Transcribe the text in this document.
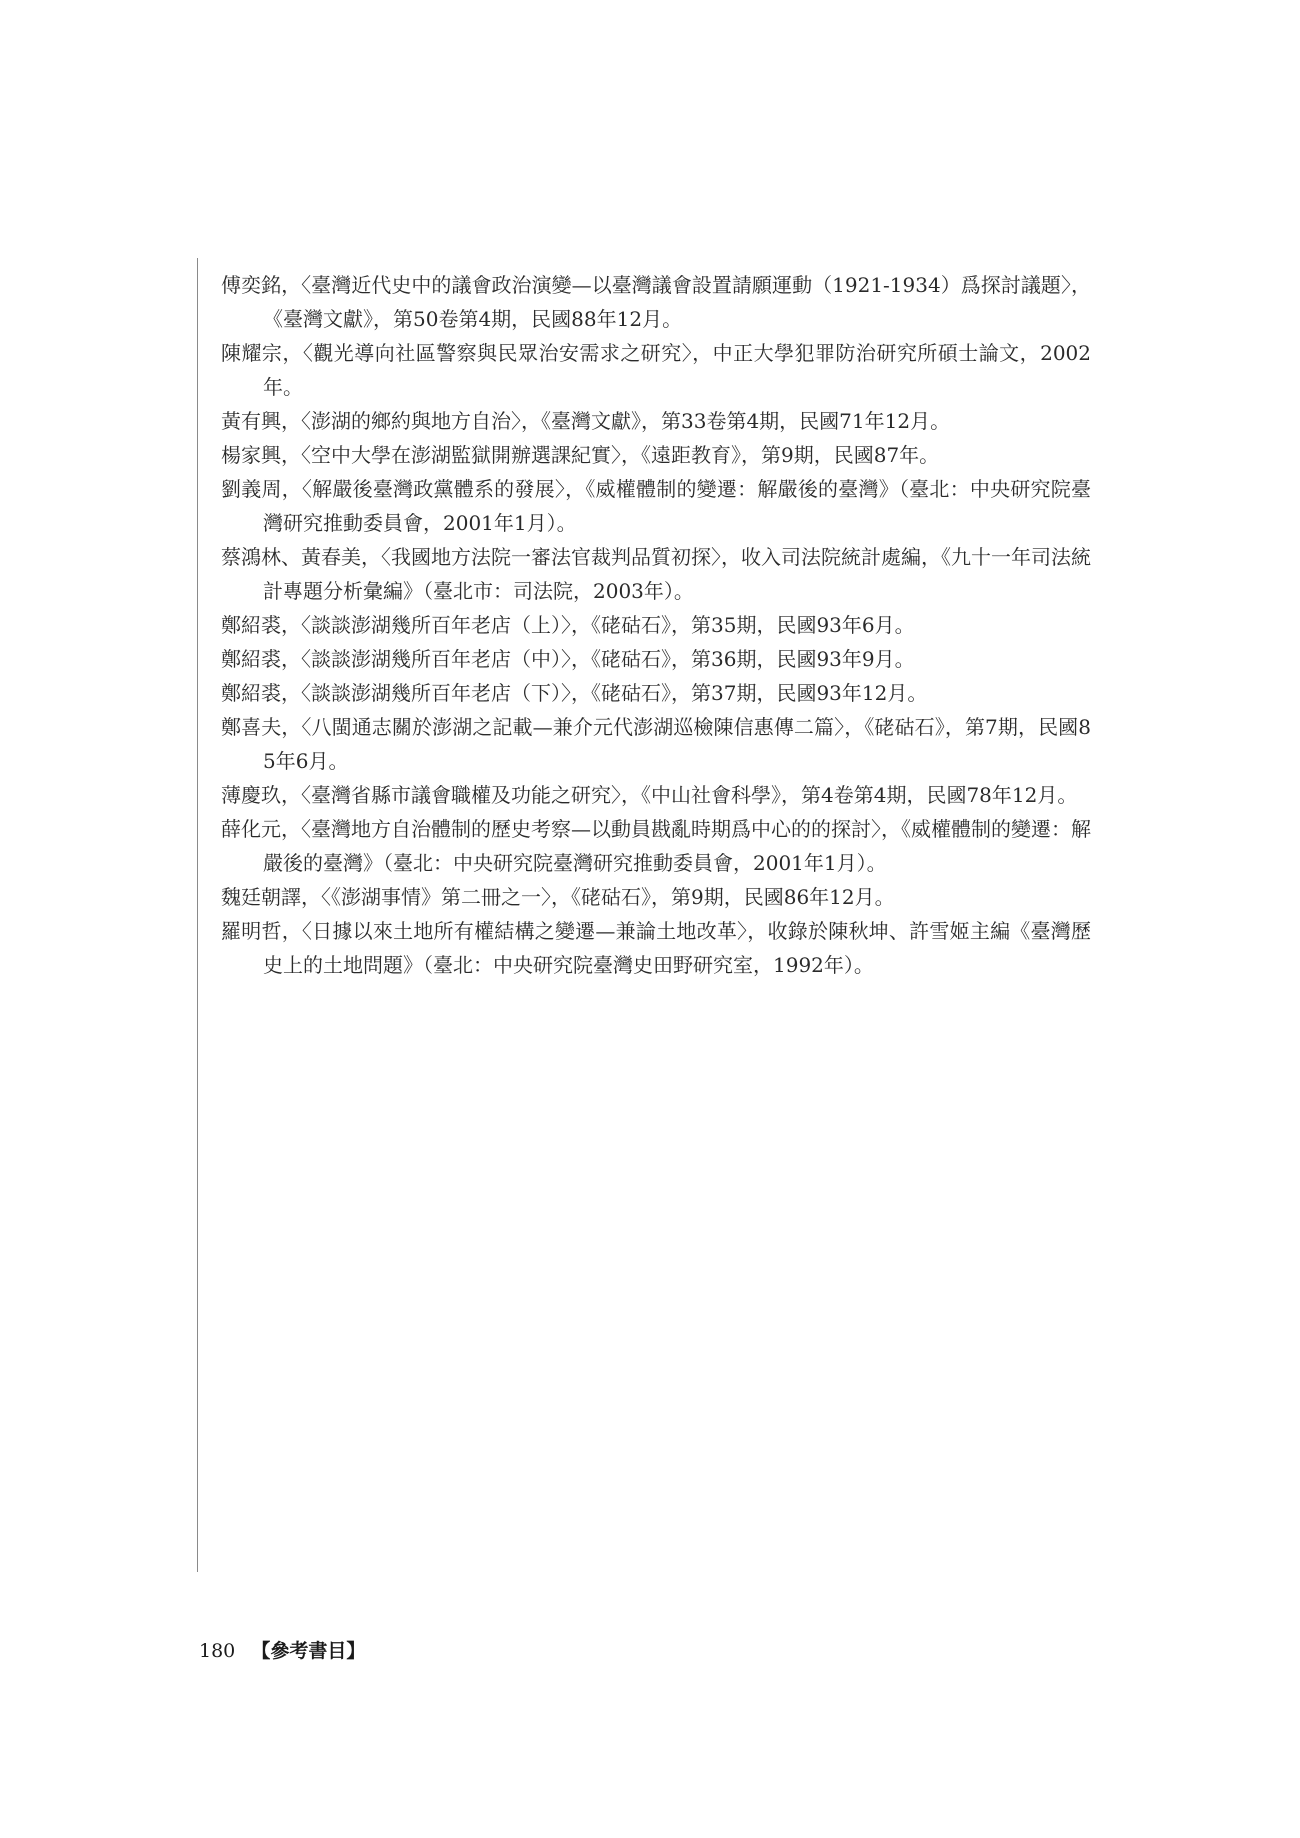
傅奕銘，〈臺灣近代史中的議會政治演變—以臺灣議會設置請願運動（1921-1934）爲探討議題〉，《臺灣文獻》，第50卷第4期，民國88年12月。

陳耀宗，〈觀光導向社區警察與民眾治安需求之研究〉，中正大學犯罪防治研究所碩士論文，2002年。

黃有興，〈澎湖的鄉約與地方自治〉，《臺灣文獻》，第33卷第4期，民國71年12月。

楊家興，〈空中大學在澎湖監獄開辦選課紀實〉，《遠距教育》，第9期，民國87年。

劉義周，〈解嚴後臺灣政黨體系的發展〉，《威權體制的變遷：解嚴後的臺灣》（臺北：中央研究院臺灣研究推動委員會，2001年1月）。

蔡鴻林、黃春美，〈我國地方法院一審法官裁判品質初探〉，收入司法院統計處編，《九十一年司法統計專題分析彙編》（臺北市：司法院，2003年）。

鄭紹裘，〈談談澎湖幾所百年老店（上）〉，《硓𥑮石》，第35期，民國93年6月。

鄭紹裘，〈談談澎湖幾所百年老店（中）〉，《硓𥑮石》，第36期，民國93年9月。

鄭紹裘，〈談談澎湖幾所百年老店（下）〉，《硓𥑮石》，第37期，民國93年12月。

鄭喜夫，〈八閩通志關於澎湖之記載—兼介元代澎湖巡檢陳信惠傳二篇〉，《硓𥑮石》，第7期，民國85年6月。

薄慶玖，〈臺灣省縣市議會職權及功能之研究〉，《中山社會科學》，第4卷第4期，民國78年12月。

薛化元，〈臺灣地方自治體制的歷史考察—以動員戡亂時期爲中心的的探討〉，《威權體制的變遷：解嚴後的臺灣》（臺北：中央研究院臺灣研究推動委員會，2001年1月）。

魏廷朝譯，〈《澎湖事情》第二冊之一〉，《硓𥑮石》，第9期，民國86年12月。

羅明哲，〈日據以來土地所有權結構之變遷—兼論土地改革〉，收錄於陳秋坤、許雪姬主編《臺灣歷史上的土地問題》（臺北：中央研究院臺灣史田野研究室，1992年）。

180 【參考書目】
